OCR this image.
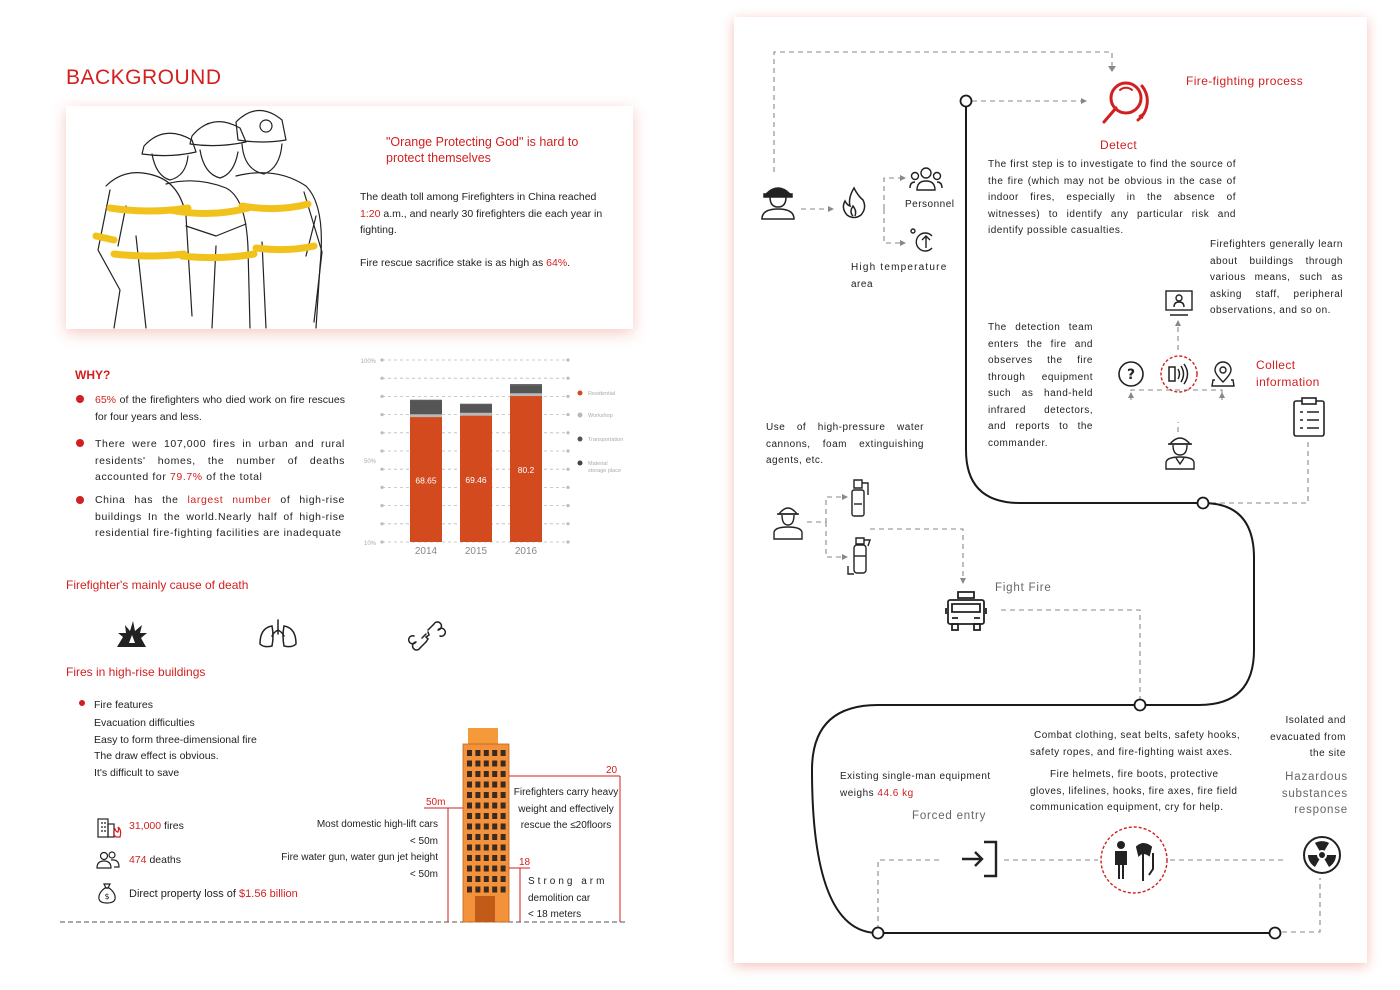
BACKGROUND
"Orange Protecting God" is hard to protect themselves
The death toll among Firefighters in China reached 1:20 a.m., and nearly 30 firefighters die each year in fighting.
Fire rescue sacrifice stake is as high as 64%.
WHY?
65% of the firefighters who died work on fire rescues for four years and less.
There were 107,000 fires in urban and rural residents' homes, the number of deaths accounted for 79.7% of the total
China has the largest number of high-rise buildings In the world.Nearly half of high-rise residential fire-fighting facilities are inadequate
100%
50%
10%
68.65
2014
69.46
2015
80.2
2016
Residential
Workshop
Transportation
Material
storage place
Firefighter's mainly cause of death
Fires in high-rise buildings
Fire features
Evacuation difficulties
Easy to form three-dimensional fire
The draw effect is obvious.
It's difficult to save
31,000 fires
474 deaths
$ Direct property loss of $1.56 billion
50m
20
18
Firefighters carry heavy weight and effectively rescue the ≤20floors
Most domestic high-lift cars
< 50m
Fire water gun, water gun jet height
< 50m
Strong arm
demolition car
< 18 meters
Fire-fighting process
Detect
The first step is to investigate to find the source of the fire (which may not be obvious in the case of indoor fires, especially in the absence of witnesses) to identify any particular risk and identify possible casualties.
Personnel
High temperature
area
Firefighters generally learn about buildings through various means, such as asking staff, peripheral observations, and so on.
The detection team enters the fire and observes the fire through equipment such as hand-held infrared detectors, and reports to the commander.
?
Collect
information
Use of high-pressure water cannons, foam extinguishing agents, etc.
Fight Fire
Combat clothing, seat belts, safety hooks, safety ropes, and fire-fighting waist axes.
Fire helmets, fire boots, protective gloves, lifelines, hooks, fire axes, fire field communication equipment, cry for help.
Isolated and evacuated from the site
Hazardous
substances
response
Existing single-man equipment weighs 44.6 kg
Forced entry
